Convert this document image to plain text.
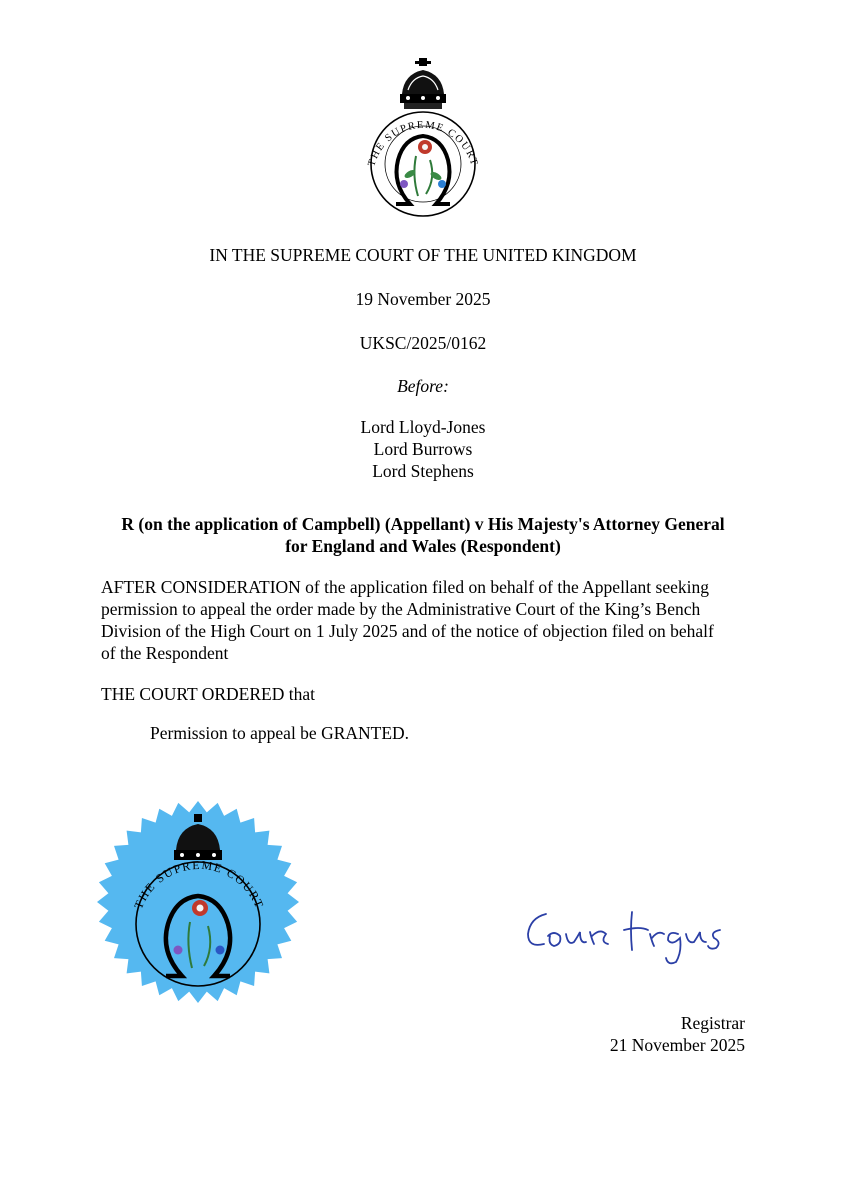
THE SUPREME COURT
IN THE SUPREME COURT OF THE UNITED KINGDOM
19 November 2025
UKSC/2025/0162
Before:
Lord Lloyd-Jones
Lord Burrows
Lord Stephens
R (on the application of Campbell) (Appellant) v His Majesty's Attorney General
for England and Wales (Respondent)
AFTER CONSIDERATION of the application filed on behalf of the Appellant seeking
permission to appeal the order made by the Administrative Court of the King’s Bench
Division of the High Court on 1 July 2025 and of the notice of objection filed on behalf
of the Respondent
THE COURT ORDERED that
Permission to appeal be GRANTED.
THE SUPREME COURT
Registrar
21 November 2025
